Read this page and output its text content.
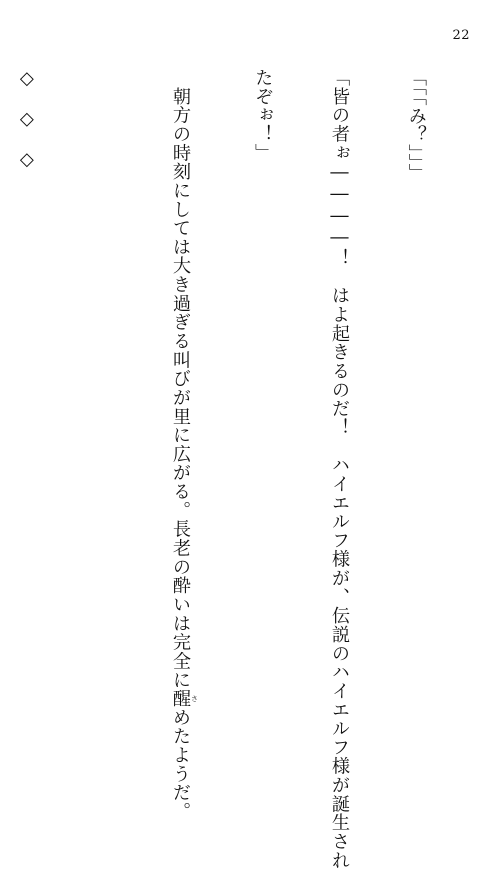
22

「「「み？」」」

「皆の者ぉ――――！　はよ起きるのだ！　ハイエルフ様が、伝説のハイエルフ様が誕生され

たぞぉ！」

　朝方の時刻にしては大き過ぎる叫びが里に広がる。長老の酔いは完全に醒 さめたようだ。

◇　◇　◇
